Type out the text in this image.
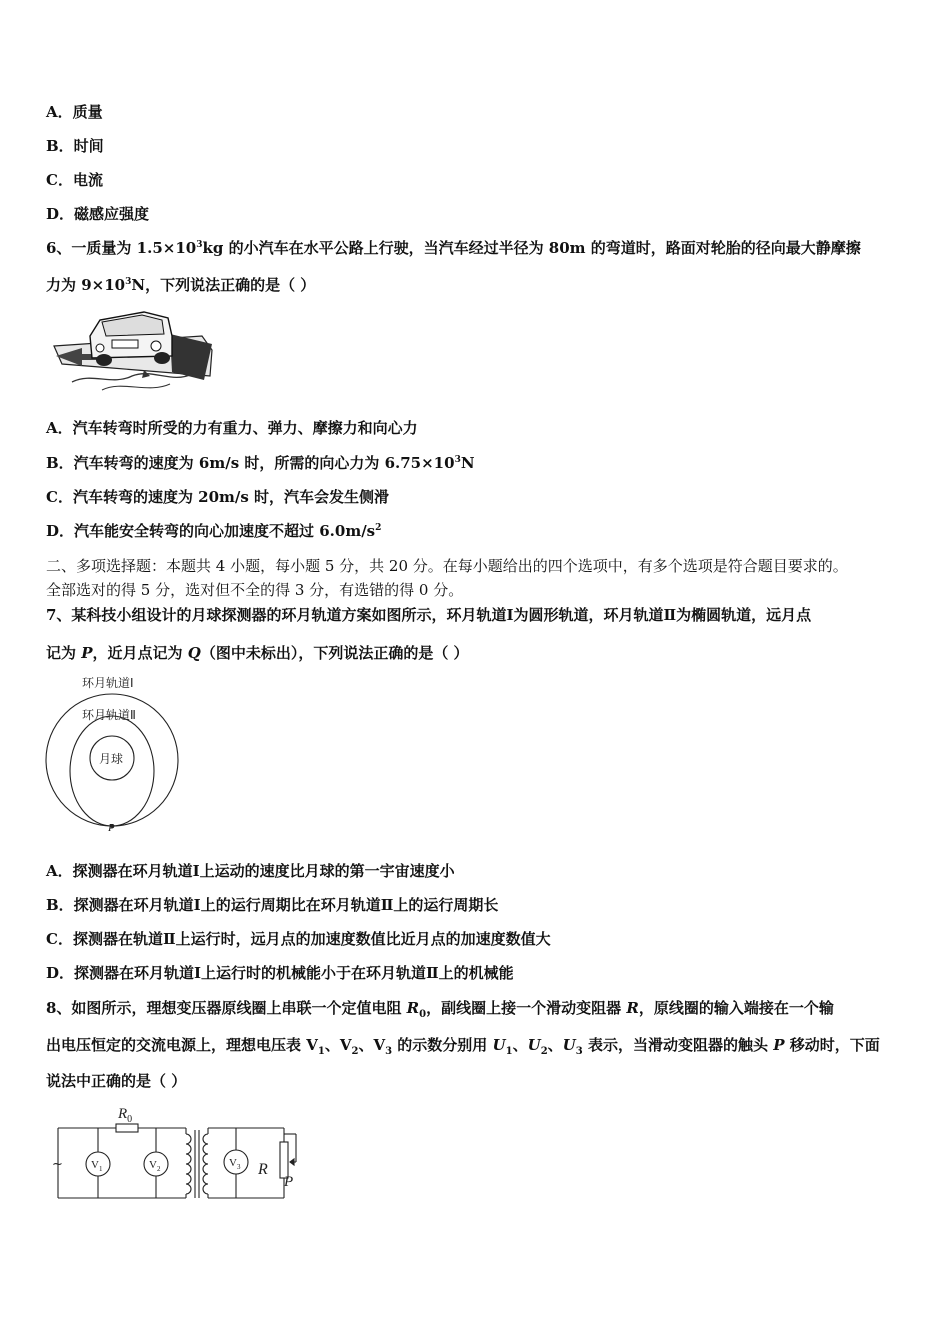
A．质量
B．时间
C．电流
D．磁感应强度
6、一质量为 $1.5\times 10^3kg$ 的小汽车在水平公路上行驶，当汽车经过半径为 80m 的弯道时，路面对轮胎的径向最大静摩擦
力为 $9\times 10^3N$，下列说法正确的是（ ）
A．汽车转弯时所受的力有重力、弹力、摩擦力和向心力
B．汽车转弯的速度为 6m/s 时，所需的向心力为 $6.75\times 10^3N$
C．汽车转弯的速度为 20m/s 时，汽车会发生侧滑
D．汽车能安全转弯的向心加速度不超过 $6.0m/s^2$
二、多项选择题：本题共 4 小题，每小题 5 分，共 20 分。在每小题给出的四个选项中，有多个选项是符合题目要求的。
全部选对的得 5 分，选对但不全的得 3 分，有选错的得 0 分。
7、某科技小组设计的月球探测器的环月轨道方案如图所示，环月轨道Ⅰ为圆形轨道，环月轨道Ⅱ为椭圆轨道，远月点
记为 P，近月点记为 Q（图中未标出），下列说法正确的是（ ）
环月轨道Ⅰ
环月轨道Ⅱ
月球
P
A．探测器在环月轨道Ⅰ上运动的速度比月球的第一宇宙速度小
B．探测器在环月轨道Ⅰ上的运行周期比在环月轨道Ⅱ上的运行周期长
C．探测器在轨道Ⅱ上运行时，远月点的加速度数值比近月点的加速度数值大
D．探测器在环月轨道Ⅰ上运行时的机械能小于在环月轨道Ⅱ上的机械能
8、如图所示，理想变压器原线圈上串联一个定值电阻 $R_0$，副线圈上接一个滑动变阻器 R，原线圈的输入端接在一个输
出电压恒定的交流电源上，理想电压表 $V_1$、$V_2$、$V_3$ 的示数分别用 $U_1$、$U_2$、$U_3$ 表示，当滑动变阻器的触头 P 移动时，下面
说法中正确的是（ ）
~
$R_0$
$V_1$	$V_2$	$V_3$ R
P
